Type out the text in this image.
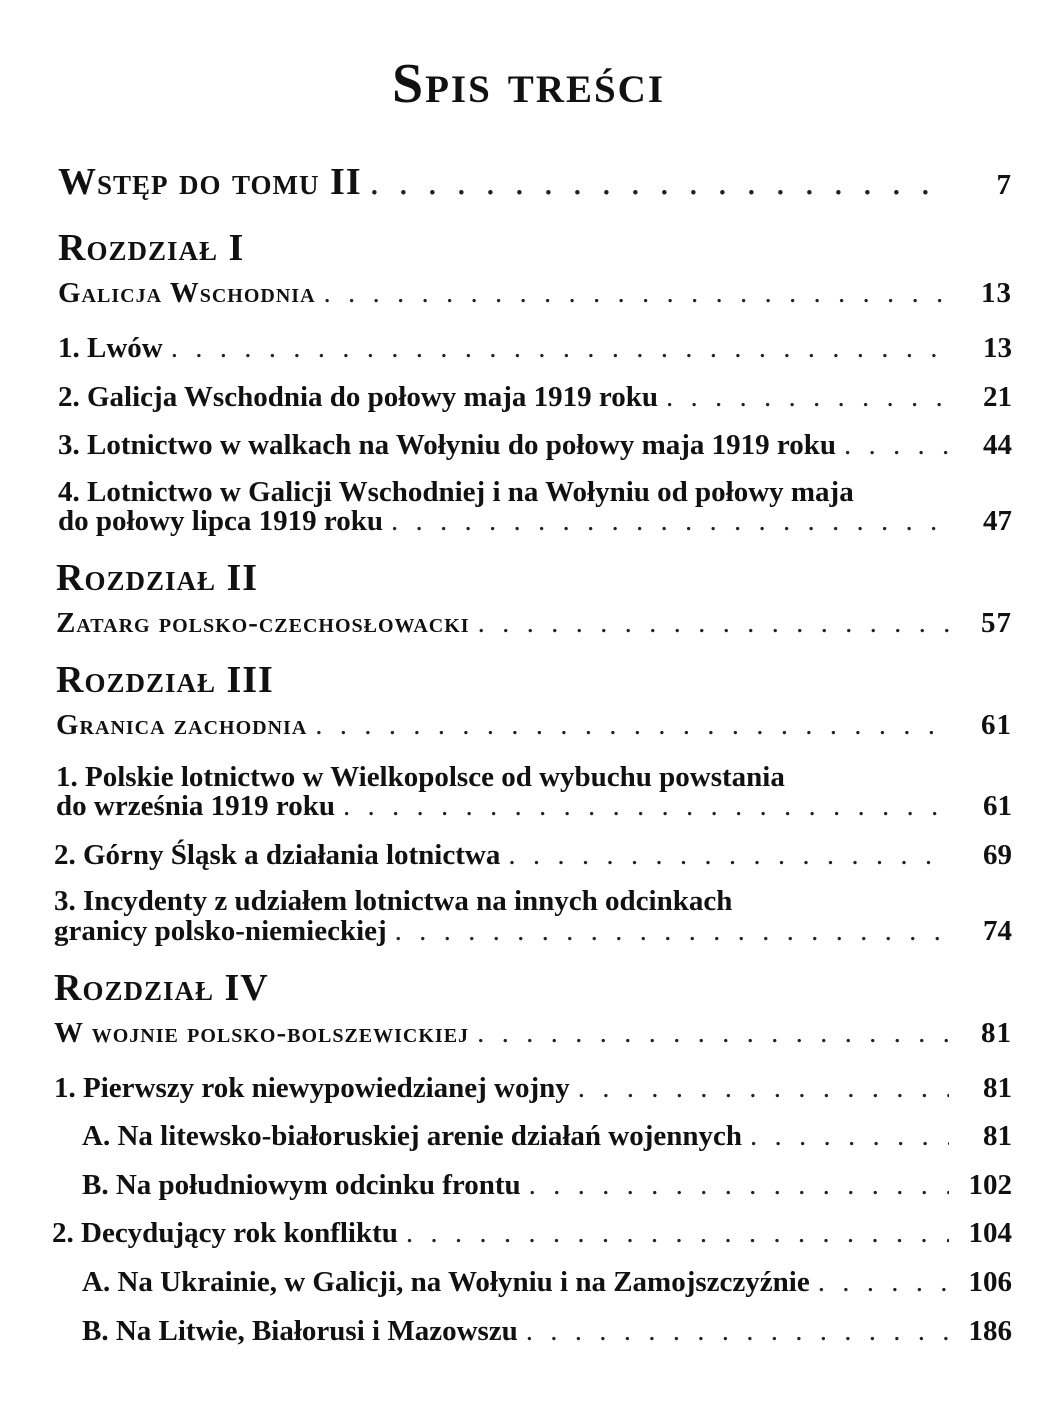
Spis treści
Wstęp do tomu II . . .	7
Rozdział I
Galicja Wschodnia . . .	13
1. Lwów . . .	13
2. Galicja Wschodnia do połowy maja 1919 roku . . .	21
3. Lotnictwo w walkach na Wołyniu do połowy maja 1919 roku . . .	44
4. Lotnictwo w Galicji Wschodniej i na Wołyniu od połowy maja
do połowy lipca 1919 roku . . .	47
Rozdział II
Zatarg polsko-czechosłowacki . . .	57
Rozdział III
Granica zachodnia . . .	61
1. Polskie lotnictwo w Wielkopolsce od wybuchu powstania
do września 1919 roku . . .	61
2. Górny Śląsk a działania lotnictwa . . .	69
3. Incydenty z udziałem lotnictwa na innych odcinkach
granicy polsko-niemieckiej . . .	74
Rozdział IV
W wojnie polsko-bolszewickiej . . .	81
1. Pierwszy rok niewypowiedzianej wojny . . .	81
A. Na litewsko-białoruskiej arenie działań wojennych . . .	81
B. Na południowym odcinku frontu . . .	102
2. Decydujący rok konfliktu . . .	104
A. Na Ukrainie, w Galicji, na Wołyniu i na Zamojszczyźnie . . .	106
B. Na Litwie, Białorusi i Mazowszu . . .	186
